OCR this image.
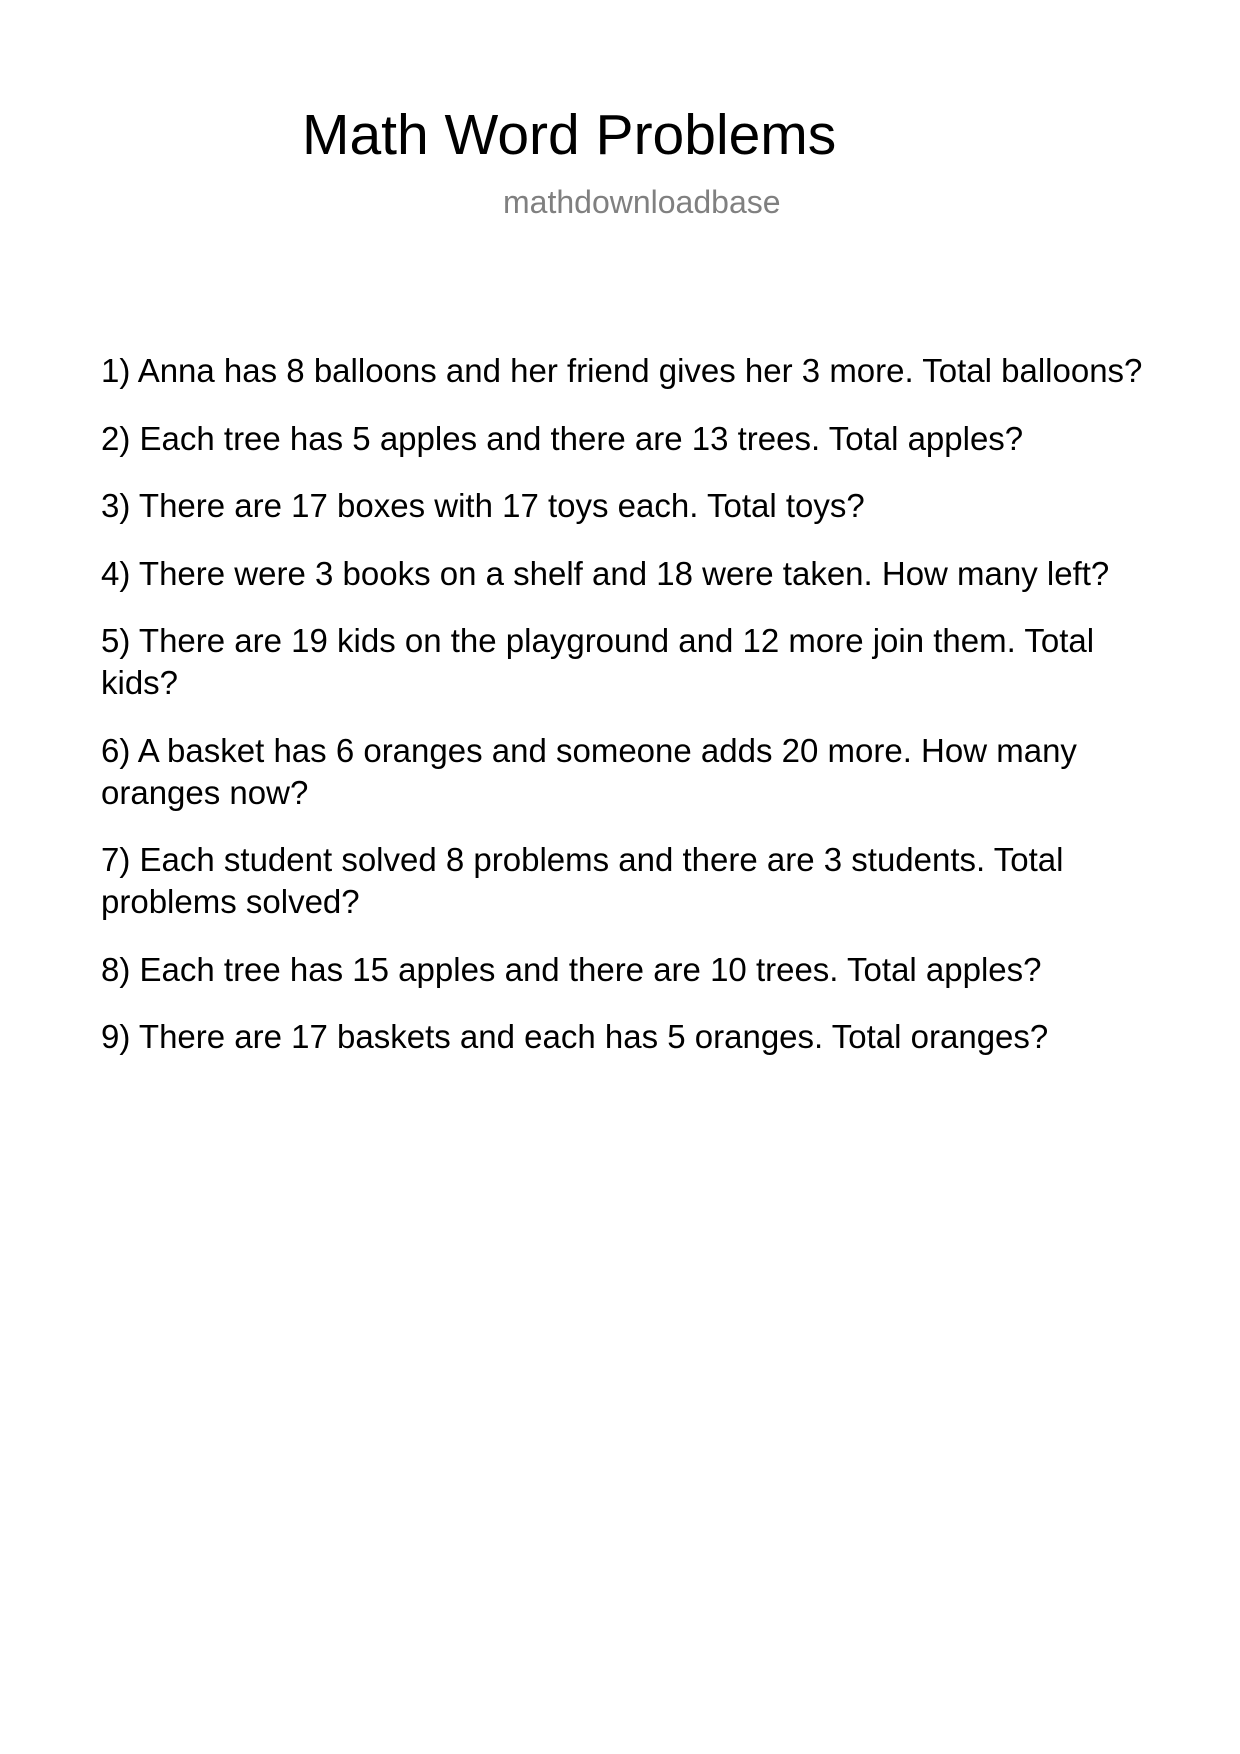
Math Word Problems
mathdownloadbase
1) Anna has 8 balloons and her friend gives her 3 more. Total balloons?
2) Each tree has 5 apples and there are 13 trees. Total apples?
3) There are 17 boxes with 17 toys each. Total toys?
4) There were 3 books on a shelf and 18 were taken. How many left?
5) There are 19 kids on the playground and 12 more join them. Total kids?
6) A basket has 6 oranges and someone adds 20 more. How many oranges now?
7) Each student solved 8 problems and there are 3 students. Total problems solved?
8) Each tree has 15 apples and there are 10 trees. Total apples?
9) There are 17 baskets and each has 5 oranges. Total oranges?
